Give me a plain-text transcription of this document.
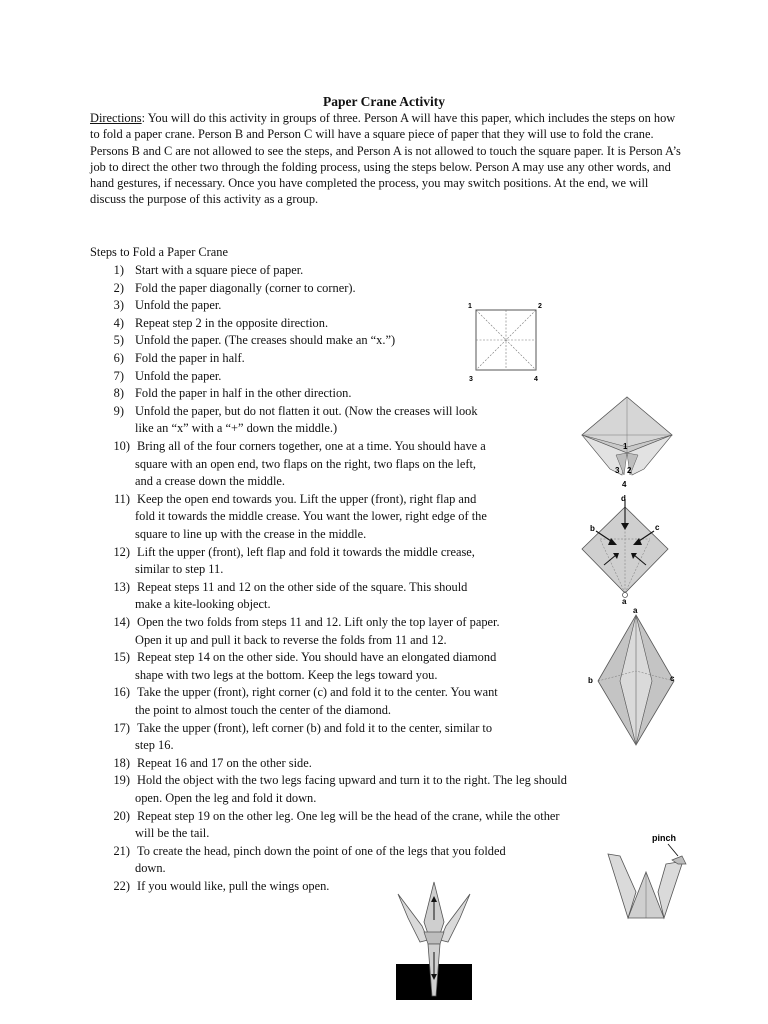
Paper Crane Activity
Directions: You will do this activity in groups of three. Person A will have this paper, which includes the steps on how to fold a paper crane. Person B and Person C will have a square piece of paper that they will use to fold the crane. Persons B and C are not allowed to see the steps, and Person A is not allowed to touch the square paper. It is Person A’s job to direct the other two through the folding process, using the steps below. Person A may use any other words, and hand gestures, if necessary. Once you have completed the process, you may switch positions. At the end, we will discuss the purpose of this activity as a group.
Steps to Fold a Paper Crane
1) Start with a square piece of paper.
2) Fold the paper diagonally (corner to corner).
3) Unfold the paper.
4) Repeat step 2 in the opposite direction.
5) Unfold the paper. (The creases should make an “x.”)
6) Fold the paper in half.
7) Unfold the paper.
8) Fold the paper in half in the other direction.
9) Unfold the paper, but do not flatten it out. (Now the creases will look
like an “x” with a “+” down the middle.)
10) Bring all of the four corners together, one at a time. You should have a
square with an open end, two flaps on the right, two flaps on the left,
and a crease down the middle.
11) Keep the open end towards you. Lift the upper (front), right flap and
fold it towards the middle crease. You want the lower, right edge of the
square to line up with the crease in the middle.
12) Lift the upper (front), left flap and fold it towards the middle crease,
similar to step 11.
13) Repeat steps 11 and 12 on the other side of the square. This should
make a kite-looking object.
14) Open the two folds from steps 11 and 12. Lift only the top layer of paper.
Open it up and pull it back to reverse the folds from 11 and 12.
15) Repeat step 14 on the other side. You should have an elongated diamond
shape with two legs at the bottom. Keep the legs toward you.
16) Take the upper (front), right corner (c) and fold it to the center. You want
the point to almost touch the center of the diamond.
17) Take the upper (front), left corner (b) and fold it to the center, similar to
step 16.
18) Repeat 16 and 17 on the other side.
19) Hold the object with the two legs facing upward and turn it to the right. The leg should
open. Open the leg and fold it down.
20) Repeat step 19 on the other leg. One leg will be the head of the crane, while the other
will be the tail.
21) To create the head, pinch down the point of one of the legs that you folded
down.
22) If you would like, pull the wings open.
1	2
3	4
1
3 2
4
d
b	c
a
a
b	c
pinch
